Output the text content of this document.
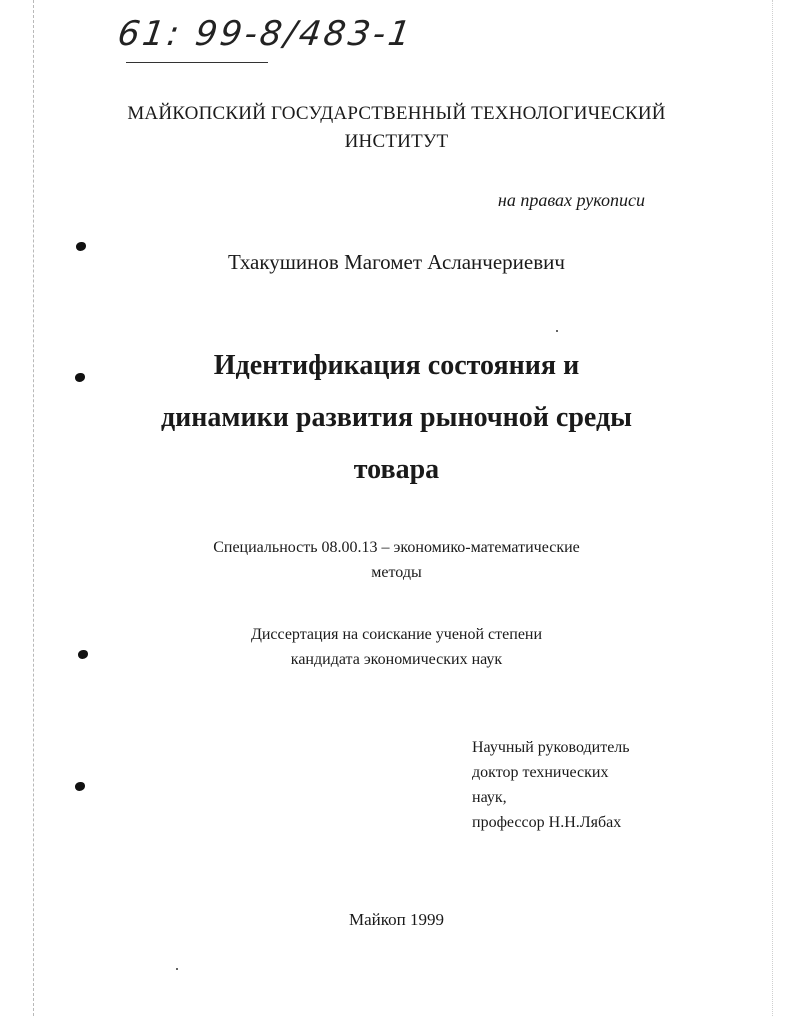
61: 99-8/483-1
МАЙКОПСКИЙ ГОСУДАРСТВЕННЫЙ ТЕХНОЛОГИЧЕСКИЙ
ИНСТИТУТ
на правах рукописи
Тхакушинов Магомет Асланчериевич
Идентификация состояния и
динамики развития рыночной среды
товара
Специальность 08.00.13 – экономико-математические
методы
Диссертация на соискание ученой степени
кандидата экономических наук
Научный руководитель
доктор технических
наук,
профессор Н.Н.Лябах
Майкоп 1999
